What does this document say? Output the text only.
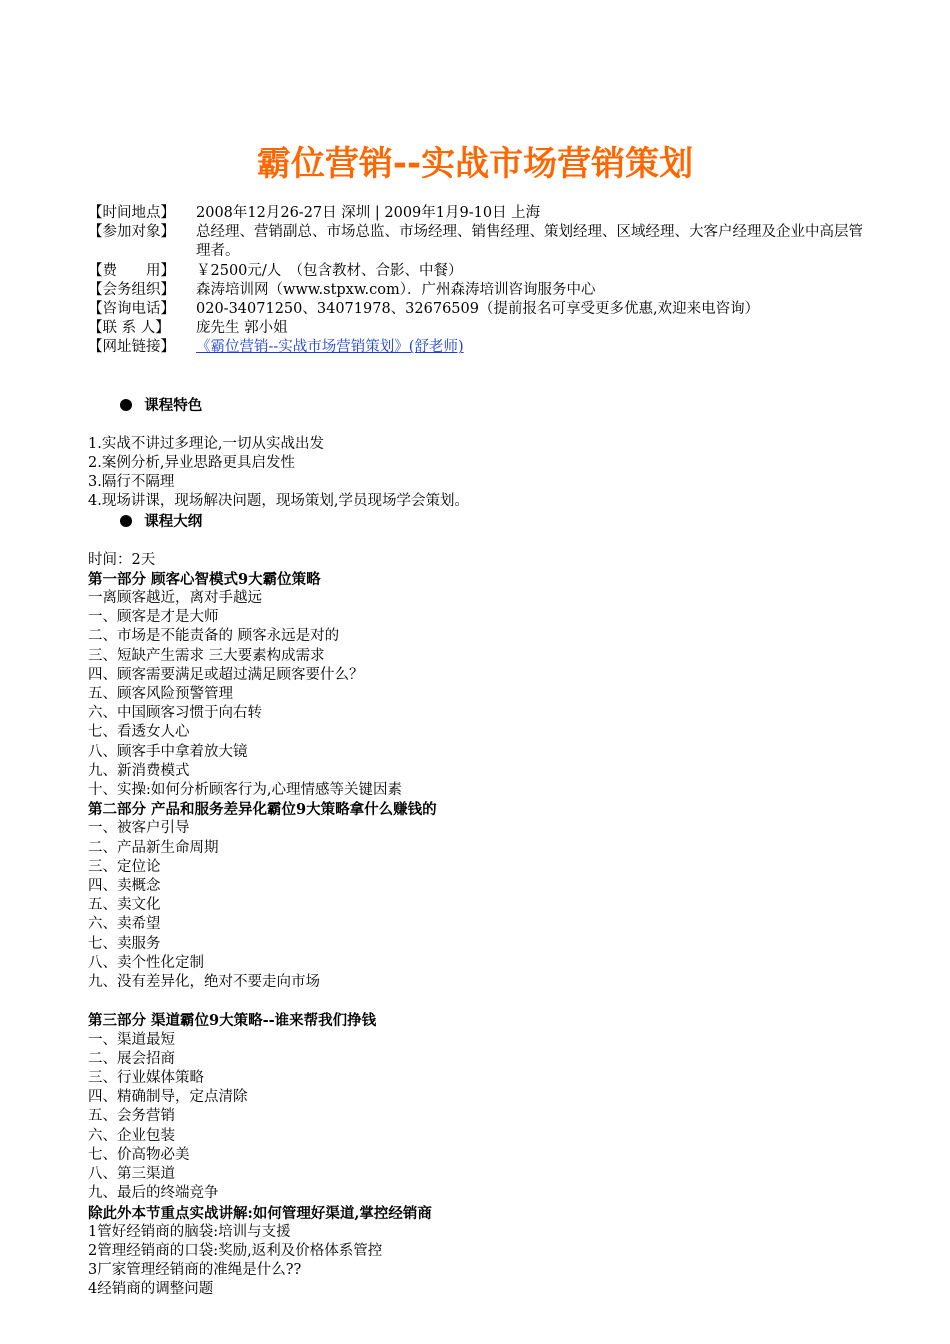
霸位营销--实战市场营销策划
【时间地点】	2008年12月26-27日 深圳 | 2009年1月9-10日 上海
【参加对象】	总经理、营销副总、市场总监、市场经理、销售经理、策划经理、区域经理、大客户经理及企业中高层管理者。
【费　　用】	￥2500元/人　（包含教材、合影、中餐）
【会务组织】	森涛培训网（www.stpxw.com）．广州森涛培训咨询服务中心
【咨询电话】	020-34071250、34071978、32676509（提前报名可享受更多优惠,欢迎来电咨询）
【联 系 人】	庞先生 郭小姐
【网址链接】	《霸位营销--实战市场营销策划》(舒老师)

课程特色

1.实战不讲过多理论,一切从实战出发
2.案例分析,异业思路更具启发性
3.隔行不隔理
4.现场讲课，现场解决问题，现场策划,学员现场学会策划。

课程大纲

时间：2天
第一部分 顾客心智模式9大霸位策略
一离顾客越近，离对手越远
一、顾客是才是大师
二、市场是不能责备的 顾客永远是对的
三、短缺产生需求 三大要素构成需求
四、顾客需要满足或超过满足顾客要什么？
五、顾客风险预警管理
六、中国顾客习惯于向右转
七、看透女人心
八、顾客手中拿着放大镜
九、新消费模式
十、实操:如何分析顾客行为,心理情感等关键因素
第二部分 产品和服务差异化霸位9大策略拿什么赚钱的
一、被客户引导
二、产品新生命周期
三、定位论
四、卖概念
五、卖文化
六、卖希望
七、卖服务
八、卖个性化定制
九、没有差异化，绝对不要走向市场
第三部分 渠道霸位9大策略--谁来帮我们挣钱
一、渠道最短
二、展会招商
三、行业媒体策略
四、精确制导，定点清除
五、会务营销
六、企业包装
七、价高物必美
八、第三渠道
九、最后的终端竞争
除此外本节重点实战讲解:如何管理好渠道,掌控经销商
1管好经销商的脑袋:培训与支援
2管理经销商的口袋:奖励,返利及价格体系管控
3厂家管理经销商的准绳是什么??
4经销商的调整问题
